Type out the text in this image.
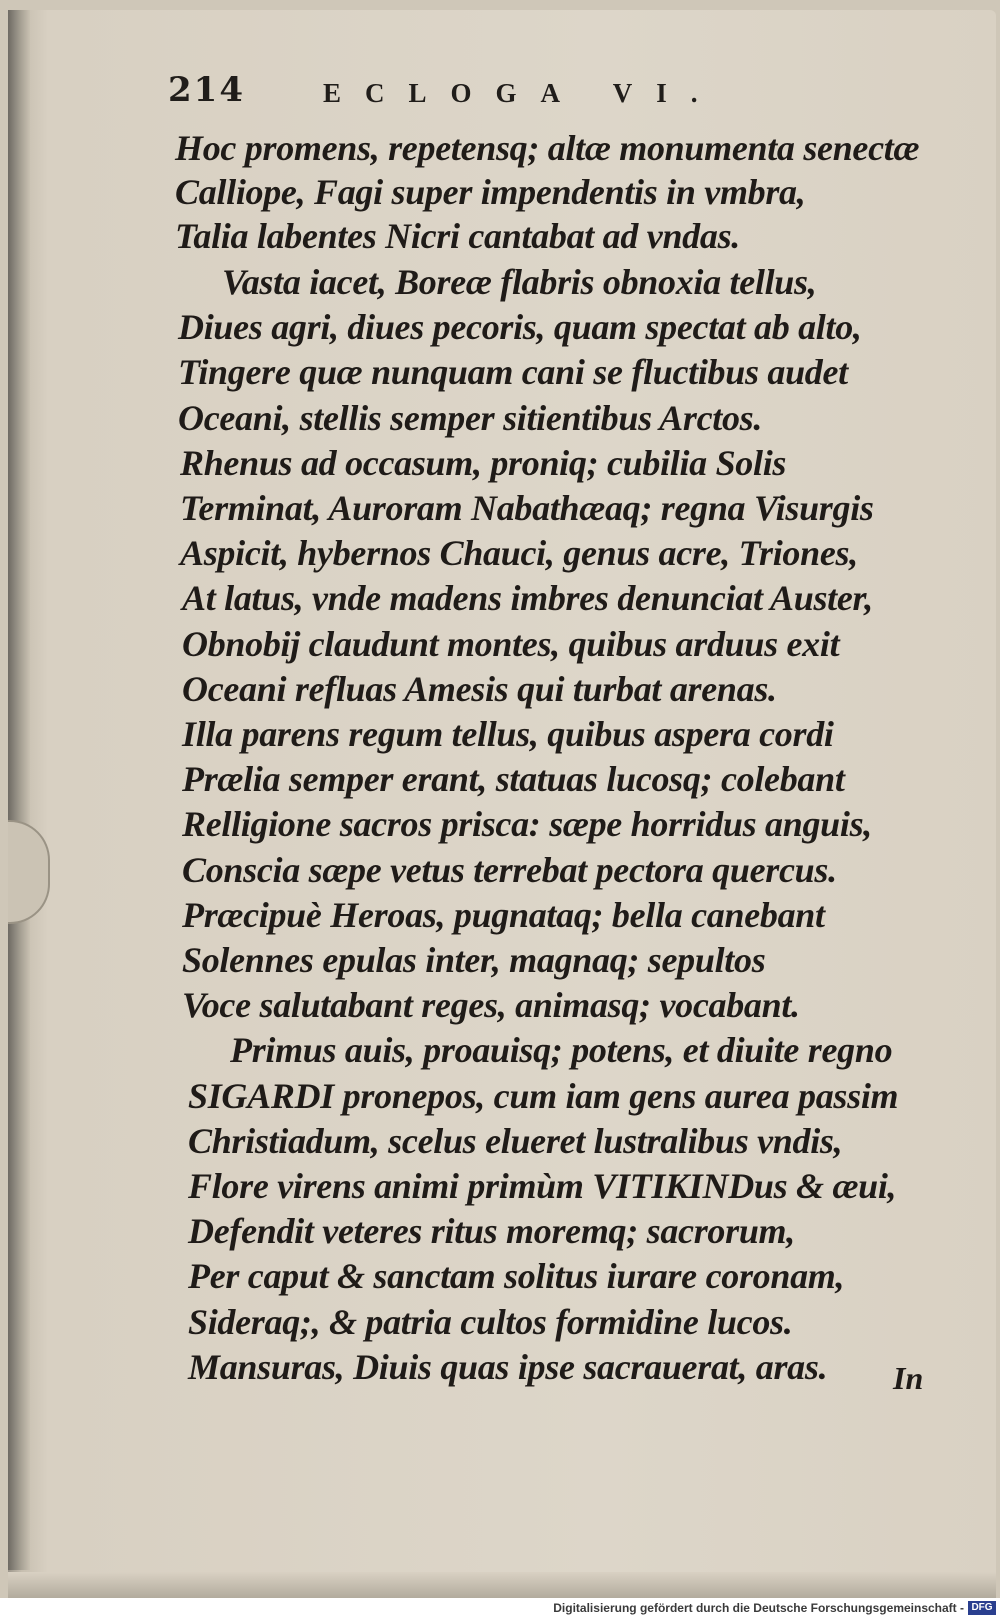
214	ECLOGA VI.
Hoc promens, repetensq; altæ monumenta senectæ
Calliope, Fagi super impendentis in vmbra,
Talia labentes Nicri cantabat ad vndas.
Vasta iacet, Boreæ flabris obnoxia tellus,
Diues agri, diues pecoris, quam spectat ab alto,
Tingere quæ nunquam cani se fluctibus audet
Oceani, stellis semper sitientibus Arctos.
Rhenus ad occasum, proniq; cubilia Solis
Terminat, Auroram Nabathæaq; regna Visurgis
Aspicit, hybernos Chauci, genus acre, Triones,
At latus, vnde madens imbres denunciat Auster,
Obnobij claudunt montes, quibus arduus exit
Oceani refluas Amesis qui turbat arenas.
Illa parens regum tellus, quibus aspera cordi
Prælia semper erant, statuas lucosq; colebant
Relligione sacros prisca: sæpe horridus anguis,
Conscia sæpe vetus terrebat pectora quercus.
Præcipuè Heroas, pugnataq; bella canebant
Solennes epulas inter, magnaq; sepultos
Voce salutabant reges, animasq; vocabant.
Primus auis, proauisq; potens, et diuite regno
SIGARDI pronepos, cum iam gens aurea passim
Christiadum, scelus elueret lustralibus vndis,
Flore virens animi primùm VITIKINDus & æui,
Defendit veteres ritus moremq; sacrorum,
Per caput & sanctam solitus iurare coronam,
Sideraq;, & patria cultos formidine lucos.
Mansuras, Diuis quas ipse sacrauerat, aras. In
Digitalisierung gefördert durch die Deutsche Forschungsgemeinschaft - DFG
